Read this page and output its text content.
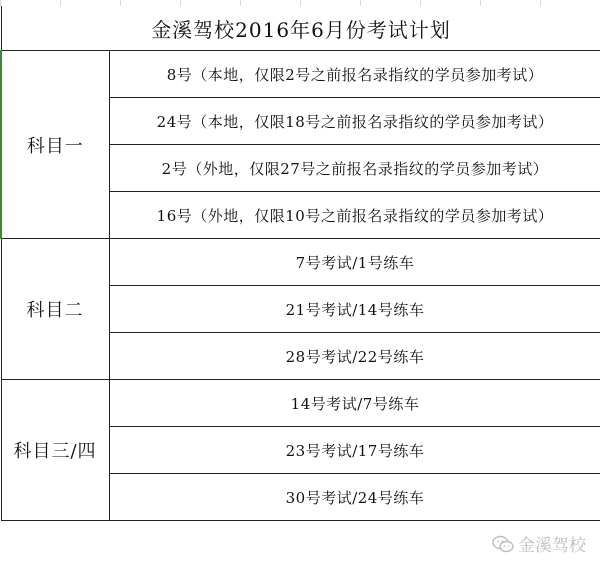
金溪驾校2016年6月份考试计划	
科目一	8号（本地，仅限2号之前报名录指纹的学员参加考试）
	24号（本地，仅限18号之前报名录指纹的学员参加考试）
	2号（外地，仅限27号之前报名录指纹的学员参加考试）
	16号（外地，仅限10号之前报名录指纹的学员参加考试）
科目二	7号考试/1号练车
	21号考试/14号练车
	28号考试/22号练车
科目三/四	14号考试/7号练车
	23号考试/17号练车
	30号考试/24号练车
金溪驾校
